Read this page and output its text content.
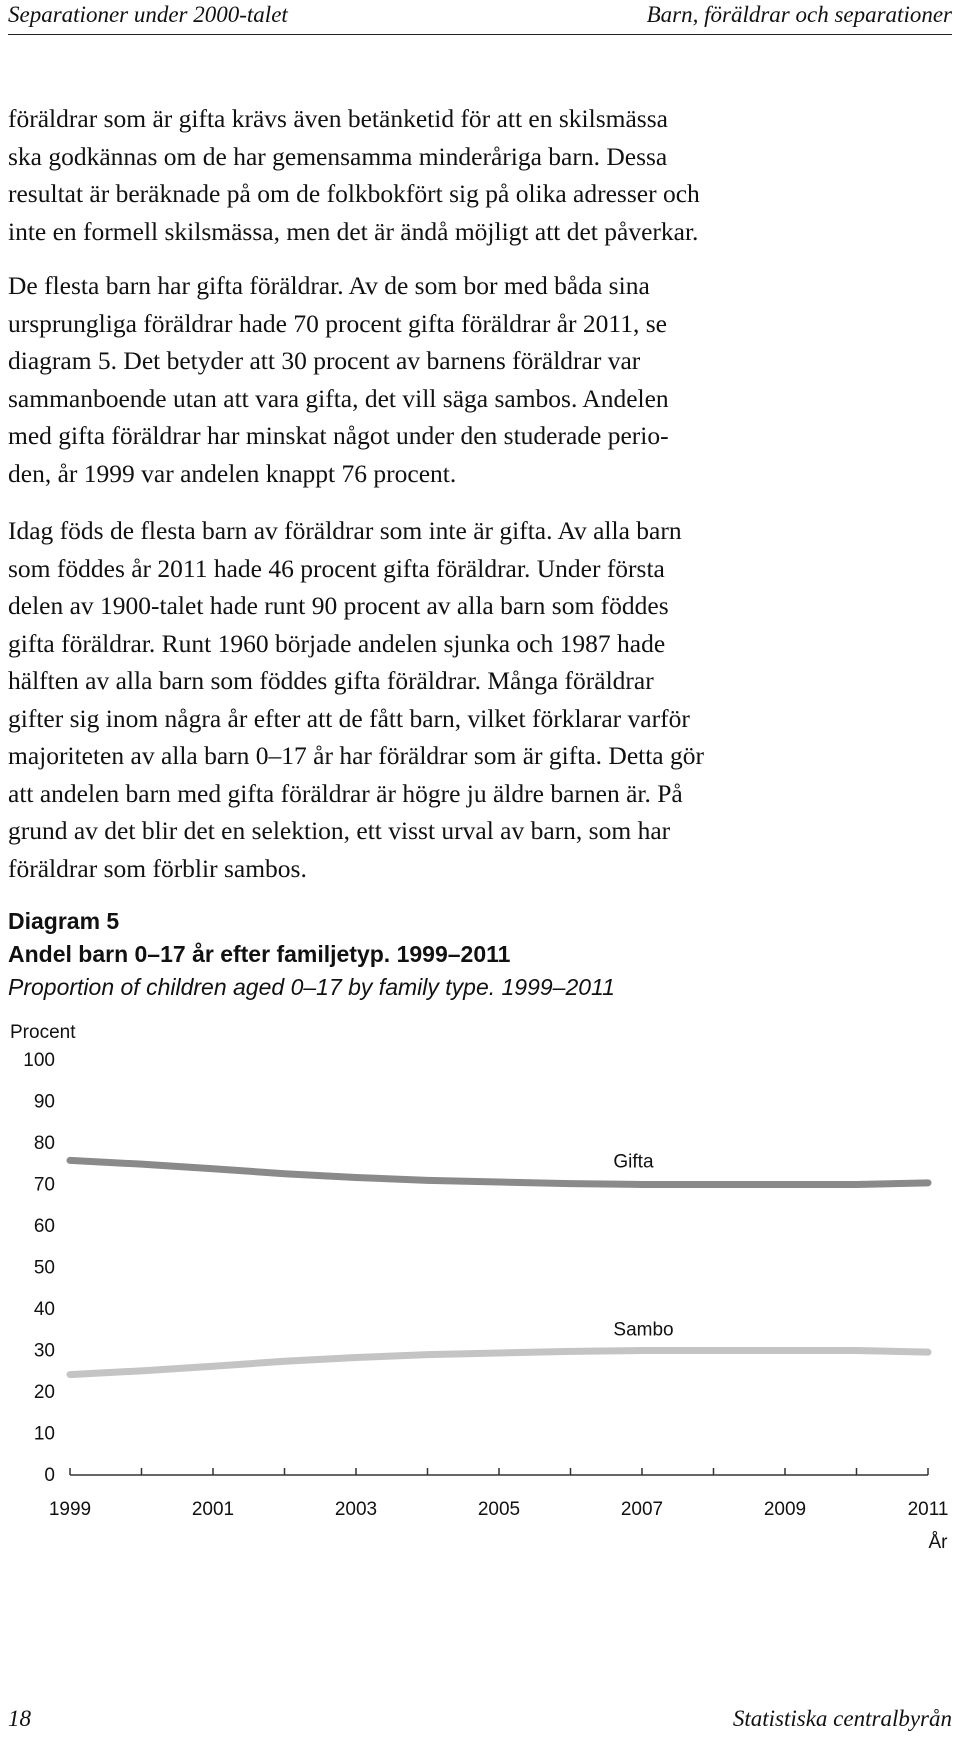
Separationer under 2000-talet	Barn, föräldrar och separationer

föräldrar som är gifta krävs även betänketid för att en skilsmässa

ska godkännas om de har gemensamma minderåriga barn. Dessa

resultat är beräknade på om de folkbokfört sig på olika adresser och

inte en formell skilsmässa, men det är ändå möjligt att det påverkar.

De flesta barn har gifta föräldrar. Av de som bor med båda sina

ursprungliga föräldrar hade 70 procent gifta föräldrar år 2011, se

diagram 5. Det betyder att 30 procent av barnens föräldrar var

sammanboende utan att vara gifta, det vill säga sambos. Andelen

med gifta föräldrar har minskat något under den studerade perio-

den, år 1999 var andelen knappt 76 procent.

Idag föds de flesta barn av föräldrar som inte är gifta. Av alla barn

som föddes år 2011 hade 46 procent gifta föräldrar. Under första

delen av 1900-talet hade runt 90 procent av alla barn som föddes

gifta föräldrar. Runt 1960 började andelen sjunka och 1987 hade

hälften av alla barn som föddes gifta föräldrar. Många föräldrar

gifter sig inom några år efter att de fått barn, vilket förklarar varför

majoriteten av alla barn 0–17 år har föräldrar som är gifta. Detta gör

att andelen barn med gifta föräldrar är högre ju äldre barnen är. På

grund av det blir det en selektion, ett visst urval av barn, som har

föräldrar som förblir sambos.

Diagram 5
Andel barn 0–17 år efter familjetyp. 1999–2011
Proportion of children aged 0–17 by family type. 1999–2011
Procent
År
0
10
20
30
40
50
60
70
80
90
100
1999	2001	2003	2005	2007	2009	2011
Gifta
Sambo
18	Statistiska centralbyrån
